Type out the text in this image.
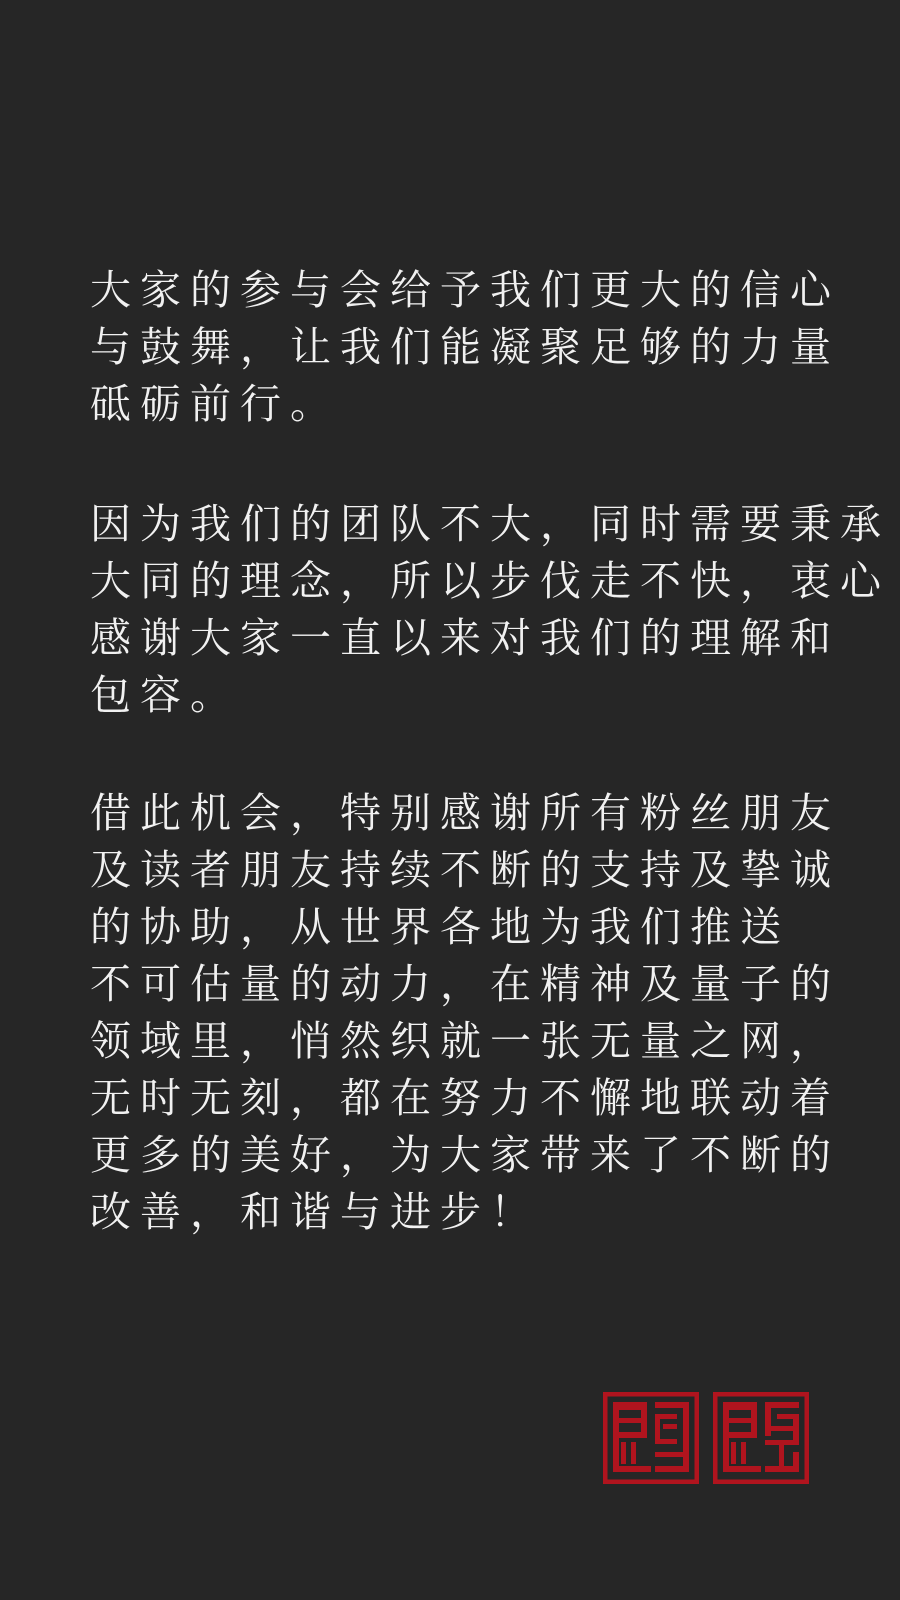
大家的参与会给予我们更大的信心
与鼓舞，让我们能凝聚足够的力量
砥砺前行。
因为我们的团队不大，同时需要秉承
大同的理念，所以步伐走不快，衷心
感谢大家一直以来对我们的理解和
包容。
借此机会，特别感谢所有粉丝朋友
及读者朋友持续不断的支持及挚诚
的协助，从世界各地为我们推送
不可估量的动力，在精神及量子的
领域里，悄然织就一张无量之网，
无时无刻，都在努力不懈地联动着
更多的美好，为大家带来了不断的
改善，和谐与进步！
